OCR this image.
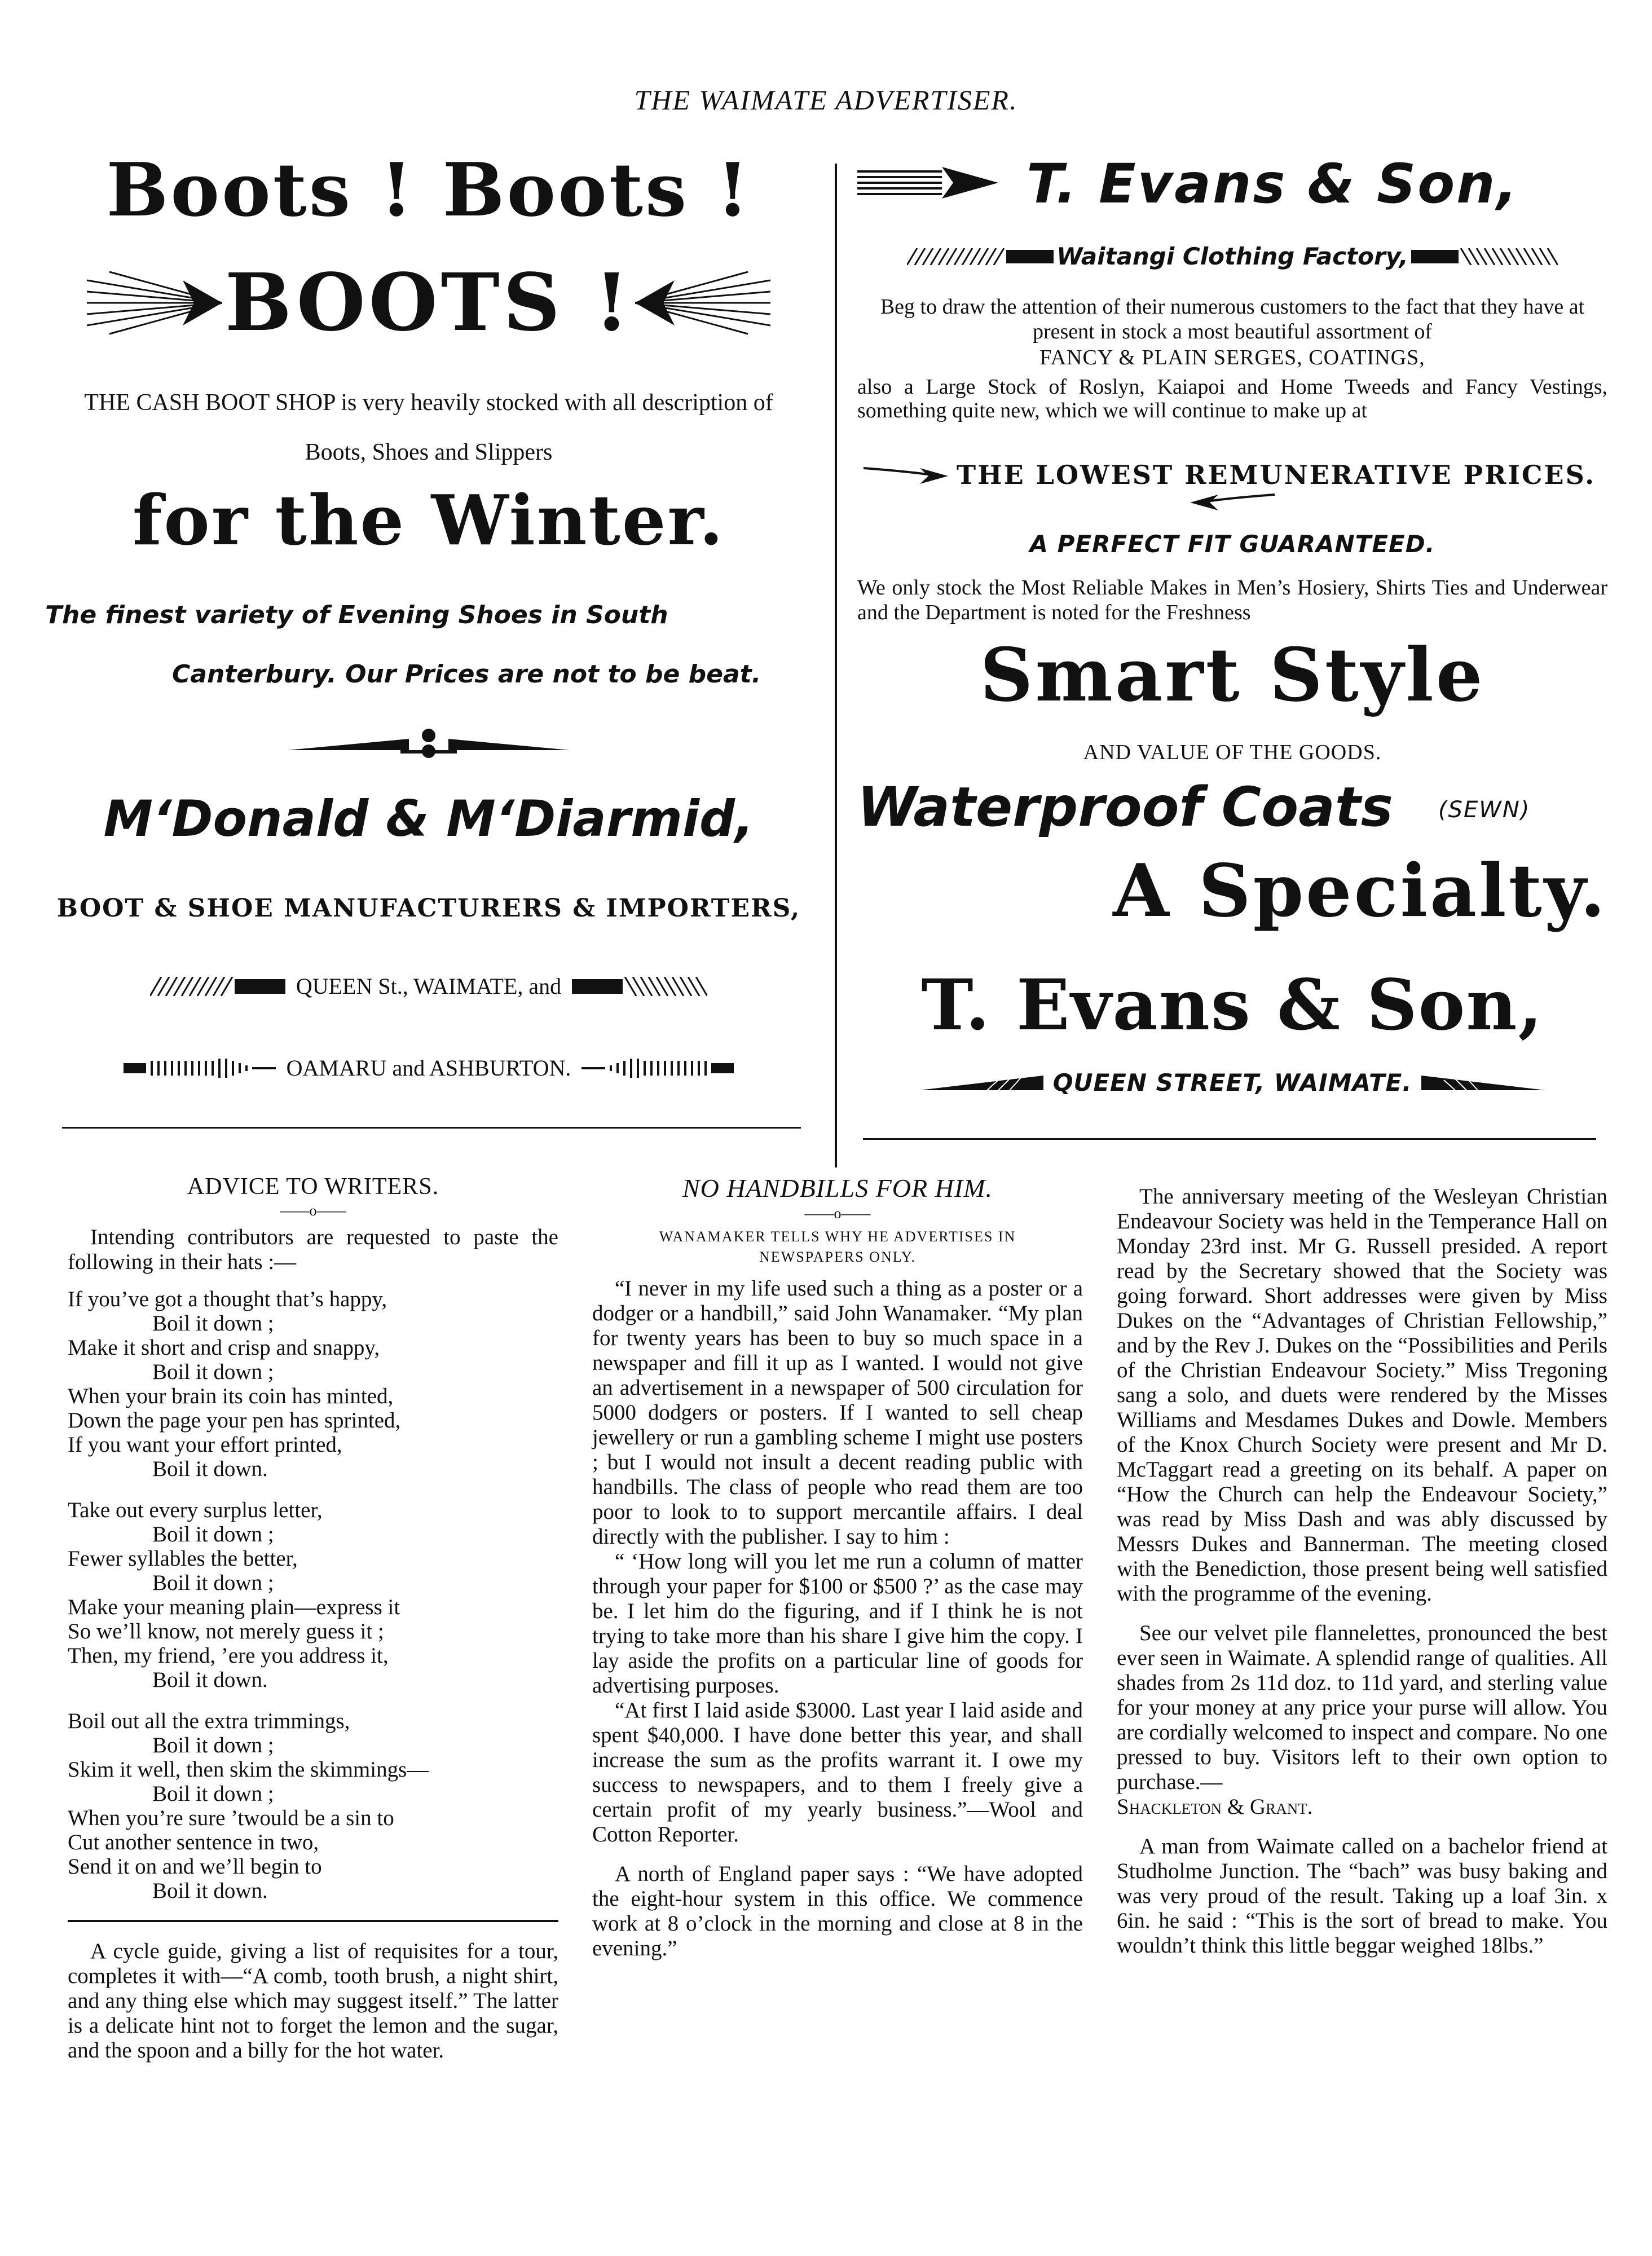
THE WAIMATE ADVERTISER.
Boots ! Boots !
BOOTS !
THE CASH BOOT SHOP is very heavily stocked with all description of Boots, Shoes and Slippers
for the Winter.
The finest variety of Evening Shoes in South
Canterbury. Our Prices are not to be beat.
M‘Donald & M‘Diarmid,
BOOT & SHOE MANUFACTURERS & IMPORTERS,
QUEEN St., WAIMATE, and
OAMARU and ASHBURTON.
T. Evans & Son,
Waitangi Clothing Factory,
Beg to draw the attention of their numerous customers to the fact that they have at present in stock a most beautiful assortment of
FANCY & PLAIN SERGES, COATINGS,
also a Large Stock of Roslyn, Kaiapoi and Home Tweeds and Fancy Vestings, something quite new, which we will continue to make up at
THE LOWEST REMUNERATIVE PRICES.
A PERFECT FIT GUARANTEED.
We only stock the Most Reliable Makes in Men’s Hosiery, Shirts Ties and Underwear and the Department is noted for the Freshness
Smart Style
AND VALUE OF THE GOODS.
Waterproof Coats (SEWN)
A Specialty.
T. Evans & Son,
QUEEN STREET, WAIMATE.
ADVICE TO WRITERS.
——o——

Intending contributors are requested to paste the following in their hats :—

If you’ve got a thought that’s happy,
Boil it down ;
Make it short and crisp and snappy,
Boil it down ;
When your brain its coin has minted,
Down the page your pen has sprinted,
If you want your effort printed,
Boil it down.
Take out every surplus letter,
Boil it down ;
Fewer syllables the better,
Boil it down ;
Make your meaning plain—express it
So we’ll know, not merely guess it ;
Then, my friend, ’ere you address it,
Boil it down.
Boil out all the extra trimmings,
Boil it down ;
Skim it well, then skim the skimmings—
Boil it down ;
When you’re sure ’twould be a sin to
Cut another sentence in two,
Send it on and we’ll begin to
Boil it down.

A cycle guide, giving a list of requisites for a tour, completes it with—“A comb, tooth brush, a night shirt, and any thing else which may suggest itself.” The latter is a delicate hint not to forget the lemon and the sugar, and the spoon and a billy for the hot water.

NO HANDBILLS FOR HIM.
——o——
WANAMAKER TELLS WHY HE ADVERTISES IN NEWSPAPERS ONLY.

“I never in my life used such a thing as a poster or a dodger or a handbill,” said John Wanamaker. “My plan for twenty years has been to buy so much space in a newspaper and fill it up as I wanted. I would not give an advertisement in a newspaper of 500 circulation for 5000 dodgers or posters. If I wanted to sell cheap jewellery or run a gambling scheme I might use posters ; but I would not insult a decent reading public with handbills. The class of people who read them are too poor to look to to support mercantile affairs. I deal directly with the publisher. I say to him :

“ ‘How long will you let me run a column of matter through your paper for $100 or $500 ?’ as the case may be. I let him do the figuring, and if I think he is not trying to take more than his share I give him the copy. I lay aside the profits on a particular line of goods for advertising purposes.

“At first I laid aside $3000. Last year I laid aside and spent $40,000. I have done better this year, and shall increase the sum as the profits warrant it. I owe my success to newspapers, and to them I freely give a certain profit of my yearly business.”—Wool and Cotton Reporter.

A north of England paper says : “We have adopted the eight-hour system in this office. We commence work at 8 o’clock in the morning and close at 8 in the evening.”

The anniversary meeting of the Wesleyan Christian Endeavour Society was held in the Temperance Hall on Monday 23rd inst. Mr G. Russell presided. A report read by the Secretary showed that the Society was going forward. Short addresses were given by Miss Dukes on the “Advantages of Christian Fellowship,” and by the Rev J. Dukes on the “Possibilities and Perils of the Christian Endeavour Society.” Miss Tregoning sang a solo, and duets were rendered by the Misses Williams and Mesdames Dukes and Dowle. Members of the Knox Church Society were present and Mr D. McTaggart read a greeting on its behalf. A paper on “How the Church can help the Endeavour Society,” was read by Miss Dash and was ably discussed by Messrs Dukes and Bannerman. The meeting closed with the Benediction, those present being well satisfied with the programme of the evening.

See our velvet pile flannelettes, pronounced the best ever seen in Waimate. A splendid range of qualities. All shades from 2s 11d doz. to 11d yard, and sterling value for your money at any price your purse will allow. You are cordially welcomed to inspect and compare. No one pressed to buy. Visitors left to their own option to purchase.—

Shackleton & Grant.

A man from Waimate called on a bachelor friend at Studholme Junction. The “bach” was busy baking and was very proud of the result. Taking up a loaf 3in. x 6in. he said : “This is the sort of bread to make. You wouldn’t think this little beggar weighed 18lbs.”
